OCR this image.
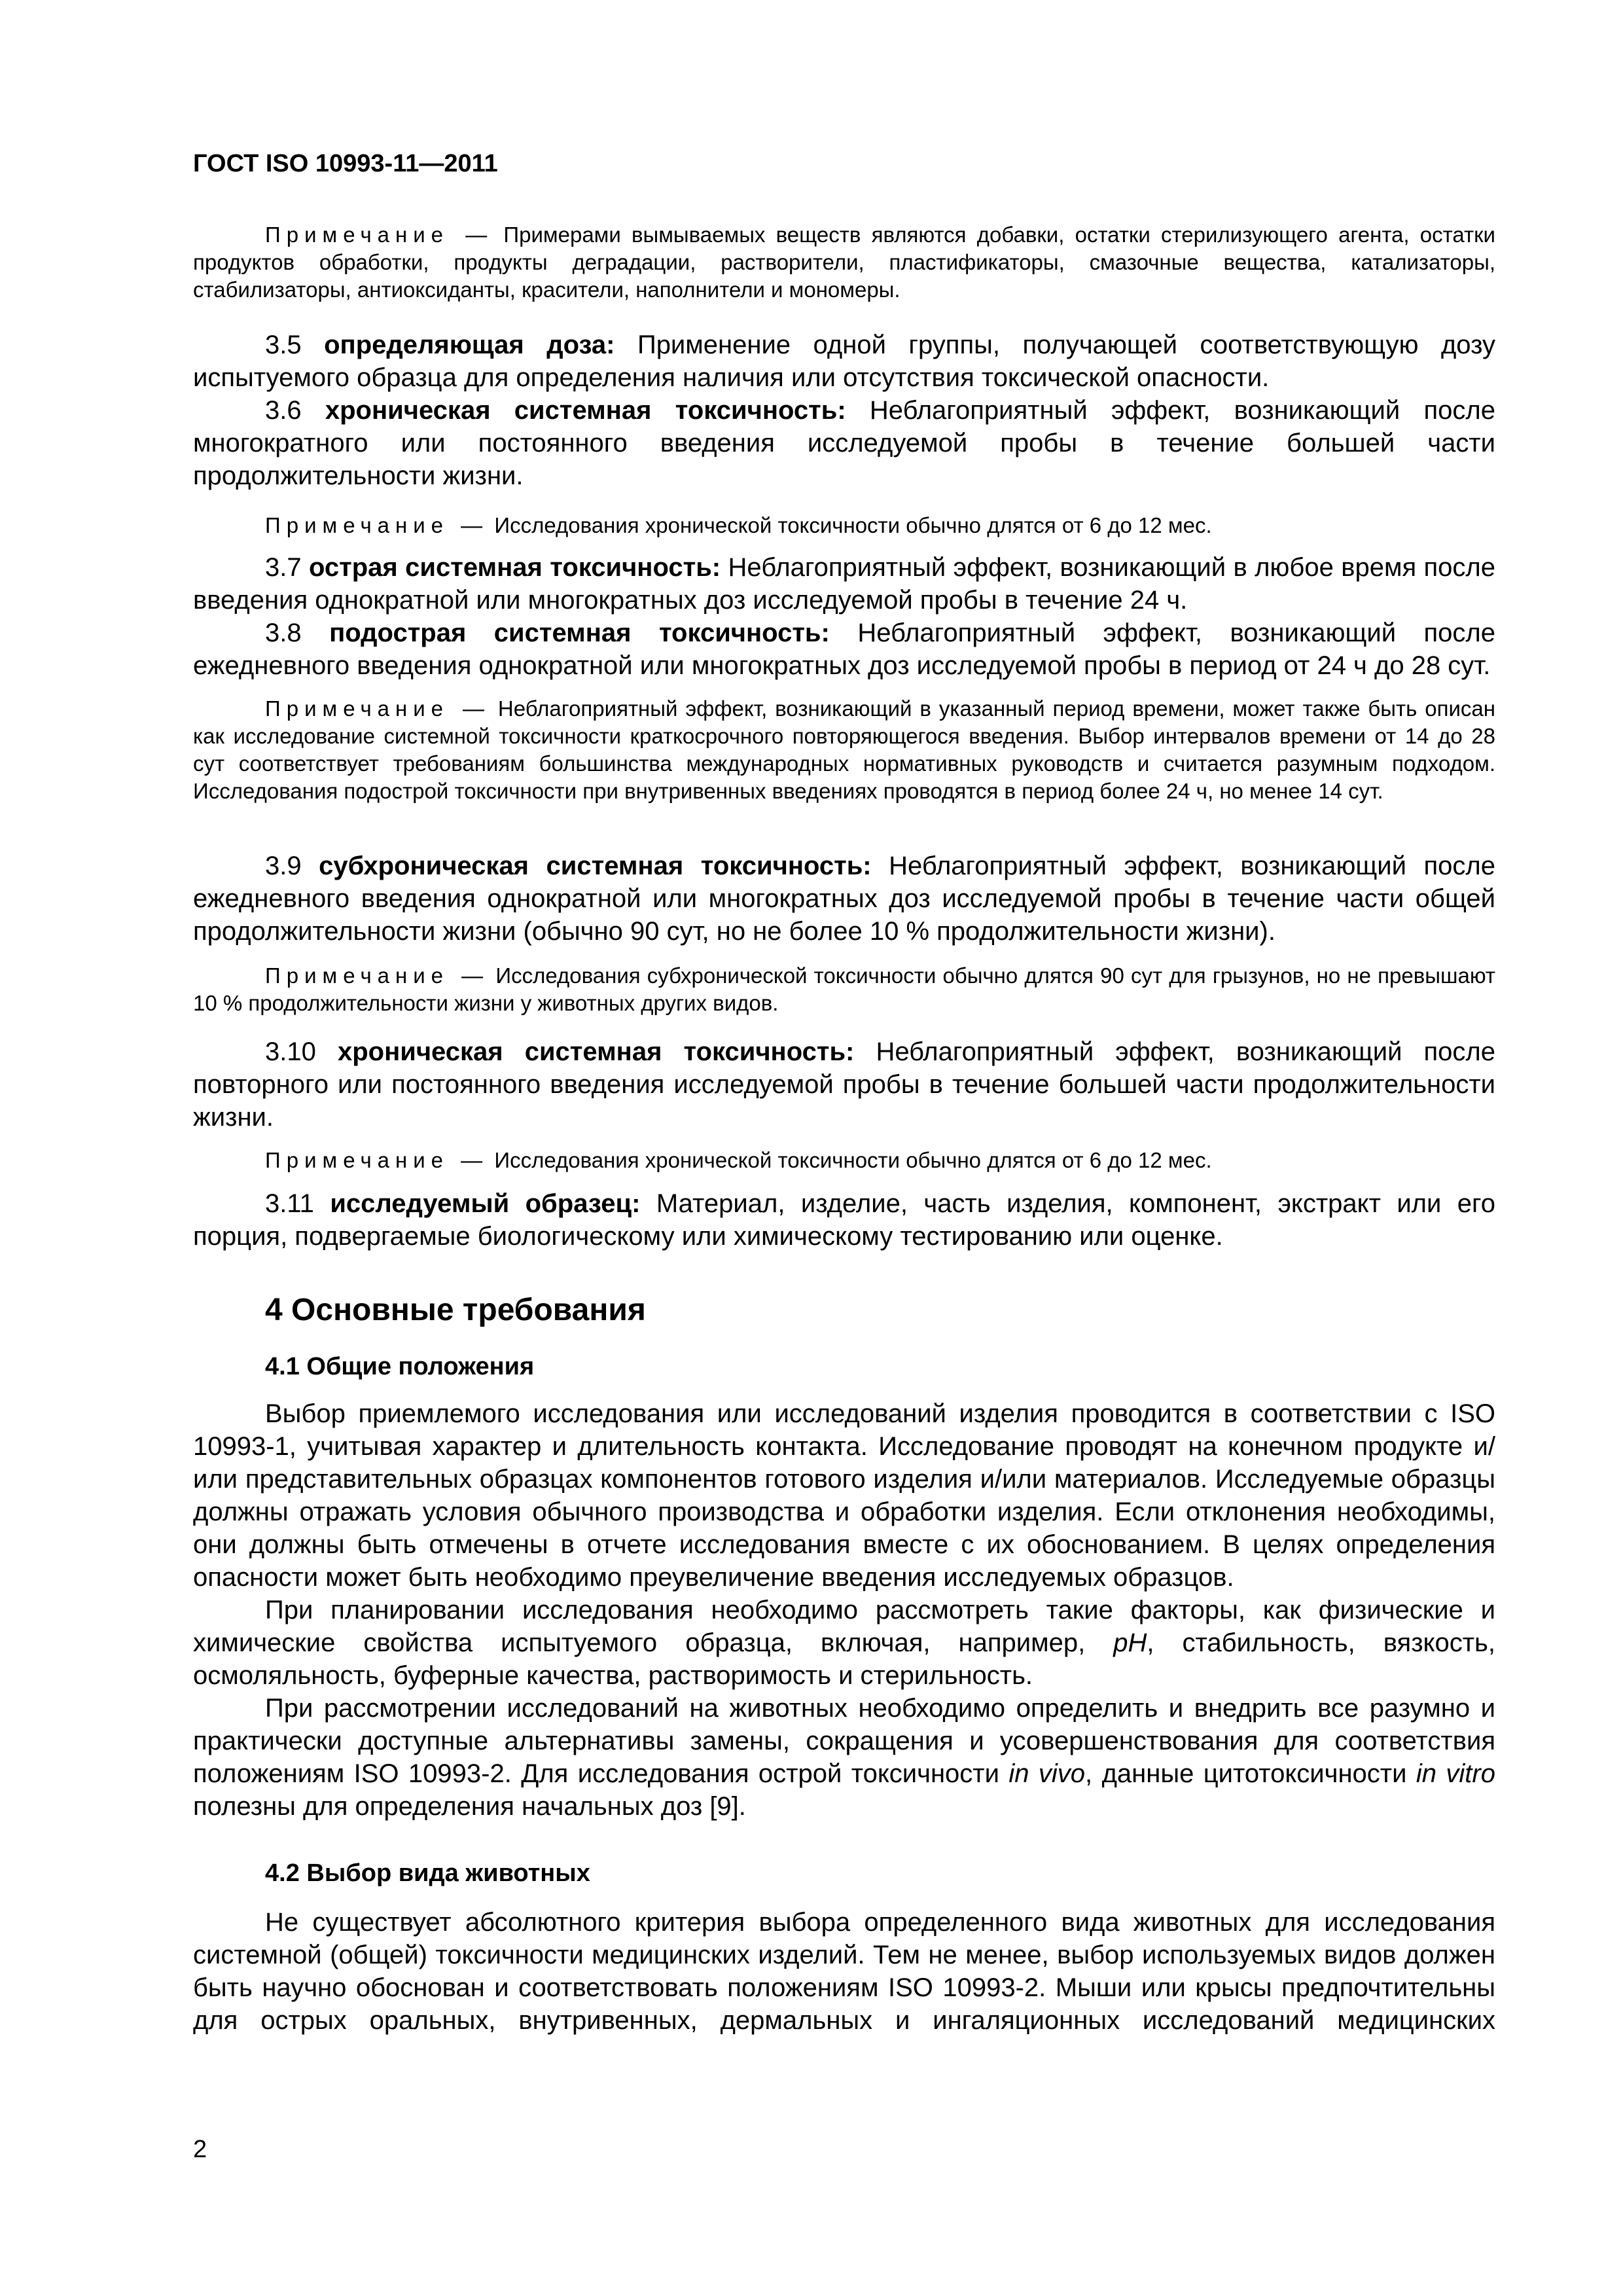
ГОСТ ISO 10993-11—2011

Примечание — Примерами вымываемых веществ являются добавки, остатки стерилизующего агента, остатки продуктов обработки, продукты деградации, растворители, пластификаторы, смазочные вещества, катализаторы, стабилизаторы, антиоксиданты, красители, наполнители и мономеры.

3.5 определяющая доза: Применение одной группы, получающей соответствующую дозу испытуемого образца для определения наличия или отсутствия токсической опасности.

3.6 хроническая системная токсичность: Неблагоприятный эффект, возникающий после многократного или постоянного введения исследуемой пробы в течение большей части продолжительности жизни.

Примечание — Исследования хронической токсичности обычно длятся от 6 до 12 мес.

3.7 острая системная токсичность: Неблагоприятный эффект, возникающий в любое время после введения однократной или многократных доз исследуемой пробы в течение 24 ч.

3.8 подострая системная токсичность: Неблагоприятный эффект, возникающий после ежедневного введения однократной или многократных доз исследуемой пробы в период от 24 ч до 28 сут.

Примечание — Неблагоприятный эффект, возникающий в указанный период времени, может также быть описан как исследование системной токсичности краткосрочного повторяющегося введения. Выбор интервалов времени от 14 до 28 сут соответствует требованиям большинства международных нормативных руководств и считается разумным подходом. Исследования подострой токсичности при внутривенных введениях проводятся в период более 24 ч, но менее 14 сут.

3.9 субхроническая системная токсичность: Неблагоприятный эффект, возникающий после ежедневного введения однократной или многократных доз исследуемой пробы в течение части общей продолжительности жизни (обычно 90 сут, но не более 10 % продолжительности жизни).

Примечание — Исследования субхронической токсичности обычно длятся 90 сут для грызунов, но не превышают 10 % продолжительности жизни у животных других видов.

3.10 хроническая системная токсичность: Неблагоприятный эффект, возникающий после повторного или постоянного введения исследуемой пробы в течение большей части продолжительности жизни.

Примечание — Исследования хронической токсичности обычно длятся от 6 до 12 мес.

3.11 исследуемый образец: Материал, изделие, часть изделия, компонент, экстракт или его порция, подвергаемые биологическому или химическому тестированию или оценке.

4 Основные требования

4.1 Общие положения

Выбор приемлемого исследования или исследований изделия проводится в соответствии с ISO 10993-1, учитывая характер и длительность контакта. Исследование проводят на конечном продукте и/или представительных образцах компонентов готового изделия и/или материалов. Исследуемые образцы должны отражать условия обычного производства и обработки изделия. Если отклонения необходимы, они должны быть отмечены в отчете исследования вместе с их обоснованием. В целях определения опасности может быть необходимо преувеличение введения исследуемых образцов.

При планировании исследования необходимо рассмотреть такие факторы, как физические и химические свойства испытуемого образца, включая, например, pH, стабильность, вязкость, осмоляльность, буферные качества, растворимость и стерильность.

При рассмотрении исследований на животных необходимо определить и внедрить все разумно и практически доступные альтернативы замены, сокращения и усовершенствования для соответствия положениям ISO 10993-2. Для исследования острой токсичности in vivo, данные цитотоксичности in vitro полезны для определения начальных доз [9].

4.2 Выбор вида животных

Не существует абсолютного критерия выбора определенного вида животных для исследования системной (общей) токсичности медицинских изделий. Тем не менее, выбор используемых видов должен быть научно обоснован и соответствовать положениям ISO 10993-2. Мыши или крысы предпочтительны для острых оральных, внутривенных, дермальных и ингаляционных исследований медицинских

2
